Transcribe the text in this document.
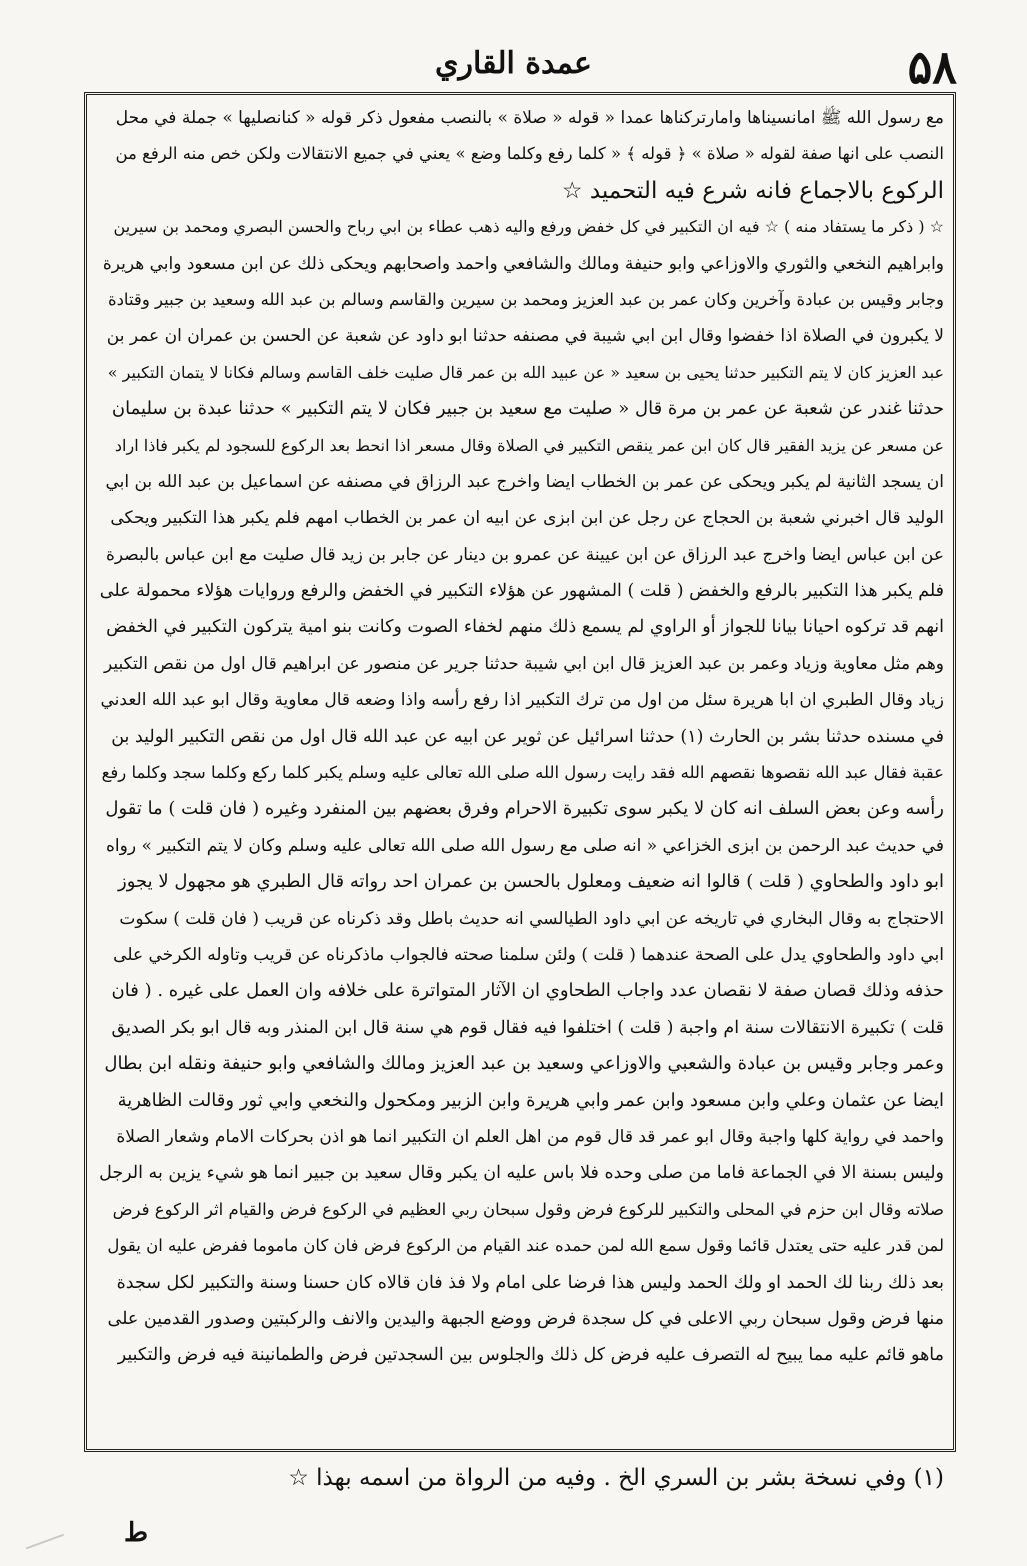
عمدة القاري	۵۸
مع رسول الله ﷺ امانسيناها وامارتركناها عمدا « قوله « صلاة » بالنصب مفعول ذكر قوله « كنانصليها » جملة في محل
النصب على انها صفة لقوله « صلاة » ﴿ قوله ﴾ « كلما رفع وكلما وضع » يعني في جميع الانتقالات ولكن خص منه الرفع من
الركوع بالاجماع فانه شرع فيه التحميد ☆
☆ ( ذكر ما يستفاد منه ) ☆ فيه ان التكبير في كل خفض ورفع واليه ذهب عطاء بن ابي رباح والحسن البصري ومحمد بن سيرين
وابراهيم النخعي والثوري والاوزاعي وابو حنيفة ومالك والشافعي واحمد واصحابهم ويحكى ذلك عن ابن مسعود وابي هريرة
وجابر وقيس بن عبادة وآخرين وكان عمر بن عبد العزيز ومحمد بن سيرين والقاسم وسالم بن عبد الله وسعيد بن جبير وقتادة
لا يكبرون في الصلاة اذا خفضوا وقال ابن ابي شيبة في مصنفه حدثنا ابو داود عن شعبة عن الحسن بن عمران ان عمر بن
عبد العزيز كان لا يتم التكبير حدثنا يحيى بن سعيد « عن عبيد الله بن عمر قال صليت خلف القاسم وسالم فكانا لا يتمان التكبير »
حدثنا غندر عن شعبة عن عمر بن مرة قال « صليت مع سعيد بن جبير فكان لا يتم التكبير » حدثنا عبدة بن سليمان
عن مسعر عن يزيد الفقير قال كان ابن عمر ينقص التكبير في الصلاة وقال مسعر اذا انحط بعد الركوع للسجود لم يكبر فاذا اراد
ان يسجد الثانية لم يكبر ويحكى عن عمر بن الخطاب ايضا واخرج عبد الرزاق في مصنفه عن اسماعيل بن عبد الله بن ابي
الوليد قال اخبرني شعبة بن الحجاج عن رجل عن ابن ابزى عن ابيه ان عمر بن الخطاب امهم فلم يكبر هذا التكبير ويحكى
عن ابن عباس ايضا واخرج عبد الرزاق عن ابن عيينة عن عمرو بن دينار عن جابر بن زيد قال صليت مع ابن عباس بالبصرة
فلم يكبر هذا التكبير بالرفع والخفض ( قلت ) المشهور عن هؤلاء التكبير في الخفض والرفع وروايات هؤلاء محمولة على
انهم قد تركوه احيانا بيانا للجواز أو الراوي لم يسمع ذلك منهم لخفاء الصوت وكانت بنو امية يتركون التكبير في الخفض
وهم مثل معاوية وزياد وعمر بن عبد العزيز قال ابن ابي شيبة حدثنا جرير عن منصور عن ابراهيم قال اول من نقص التكبير
زياد وقال الطبري ان ابا هريرة سئل من اول من ترك التكبير اذا رفع رأسه واذا وضعه قال معاوية وقال ابو عبد الله العدني
في مسنده حدثنا بشر بن الحارث (۱) حدثنا اسرائيل عن ثوير عن ابيه عن عبد الله قال اول من نقص التكبير الوليد بن
عقبة فقال عبد الله نقصوها نقصهم الله فقد رايت رسول الله صلى الله تعالى عليه وسلم يكبر كلما ركع وكلما سجد وكلما رفع
رأسه وعن بعض السلف انه كان لا يكبر سوى تكبيرة الاحرام وفرق بعضهم بين المنفرد وغيره ( فان قلت ) ما تقول
في حديث عبد الرحمن بن ابزى الخزاعي « انه صلى مع رسول الله صلى الله تعالى عليه وسلم وكان لا يتم التكبير » رواه
ابو داود والطحاوي ( قلت ) قالوا انه ضعيف ومعلول بالحسن بن عمران احد رواته قال الطبري هو مجهول لا يجوز
الاحتجاج به وقال البخاري في تاريخه عن ابي داود الطيالسي انه حديث باطل وقد ذكرناه عن قريب ( فان قلت ) سكوت
ابي داود والطحاوي يدل على الصحة عندهما ( قلت ) ولئن سلمنا صحته فالجواب ماذكرناه عن قريب وتاوله الكرخي على
حذفه وذلك قصان صفة لا نقصان عدد واجاب الطحاوي ان الآثار المتواترة على خلافه وان العمل على غيره . ( فان
قلت ) تكبيرة الانتقالات سنة ام واجبة ( قلت ) اختلفوا فيه فقال قوم هي سنة قال ابن المنذر وبه قال ابو بكر الصديق
وعمر وجابر وقيس بن عبادة والشعبي والاوزاعي وسعيد بن عبد العزيز ومالك والشافعي وابو حنيفة ونقله ابن بطال
ايضا عن عثمان وعلي وابن مسعود وابن عمر وابي هريرة وابن الزبير ومكحول والنخعي وابي ثور وقالت الظاهرية
واحمد في رواية كلها واجبة وقال ابو عمر قد قال قوم من اهل العلم ان التكبير انما هو اذن بحركات الامام وشعار الصلاة
وليس بسنة الا في الجماعة فاما من صلى وحده فلا باس عليه ان يكبر وقال سعيد بن جبير انما هو شيء يزين به الرجل
صلاته وقال ابن حزم في المحلى والتكبير للركوع فرض وقول سبحان ربي العظيم في الركوع فرض والقيام اثر الركوع فرض
لمن قدر عليه حتى يعتدل قائما وقول سمع الله لمن حمده عند القيام من الركوع فرض فان كان ماموما ففرض عليه ان يقول
بعد ذلك ربنا لك الحمد او ولك الحمد وليس هذا فرضا على امام ولا فذ فان قالاه كان حسنا وسنة والتكبير لكل سجدة
منها فرض وقول سبحان ربي الاعلى في كل سجدة فرض ووضع الجبهة واليدين والانف والركبتين وصدور القدمين على
ماهو قائم عليه مما يبيح له التصرف عليه فرض كل ذلك والجلوس بين السجدتين فرض والطمانينة فيه فرض والتكبير
(۱) وفي نسخة بشر بن السري الخ . وفيه من الرواة من اسمه بهذا ☆
ط
